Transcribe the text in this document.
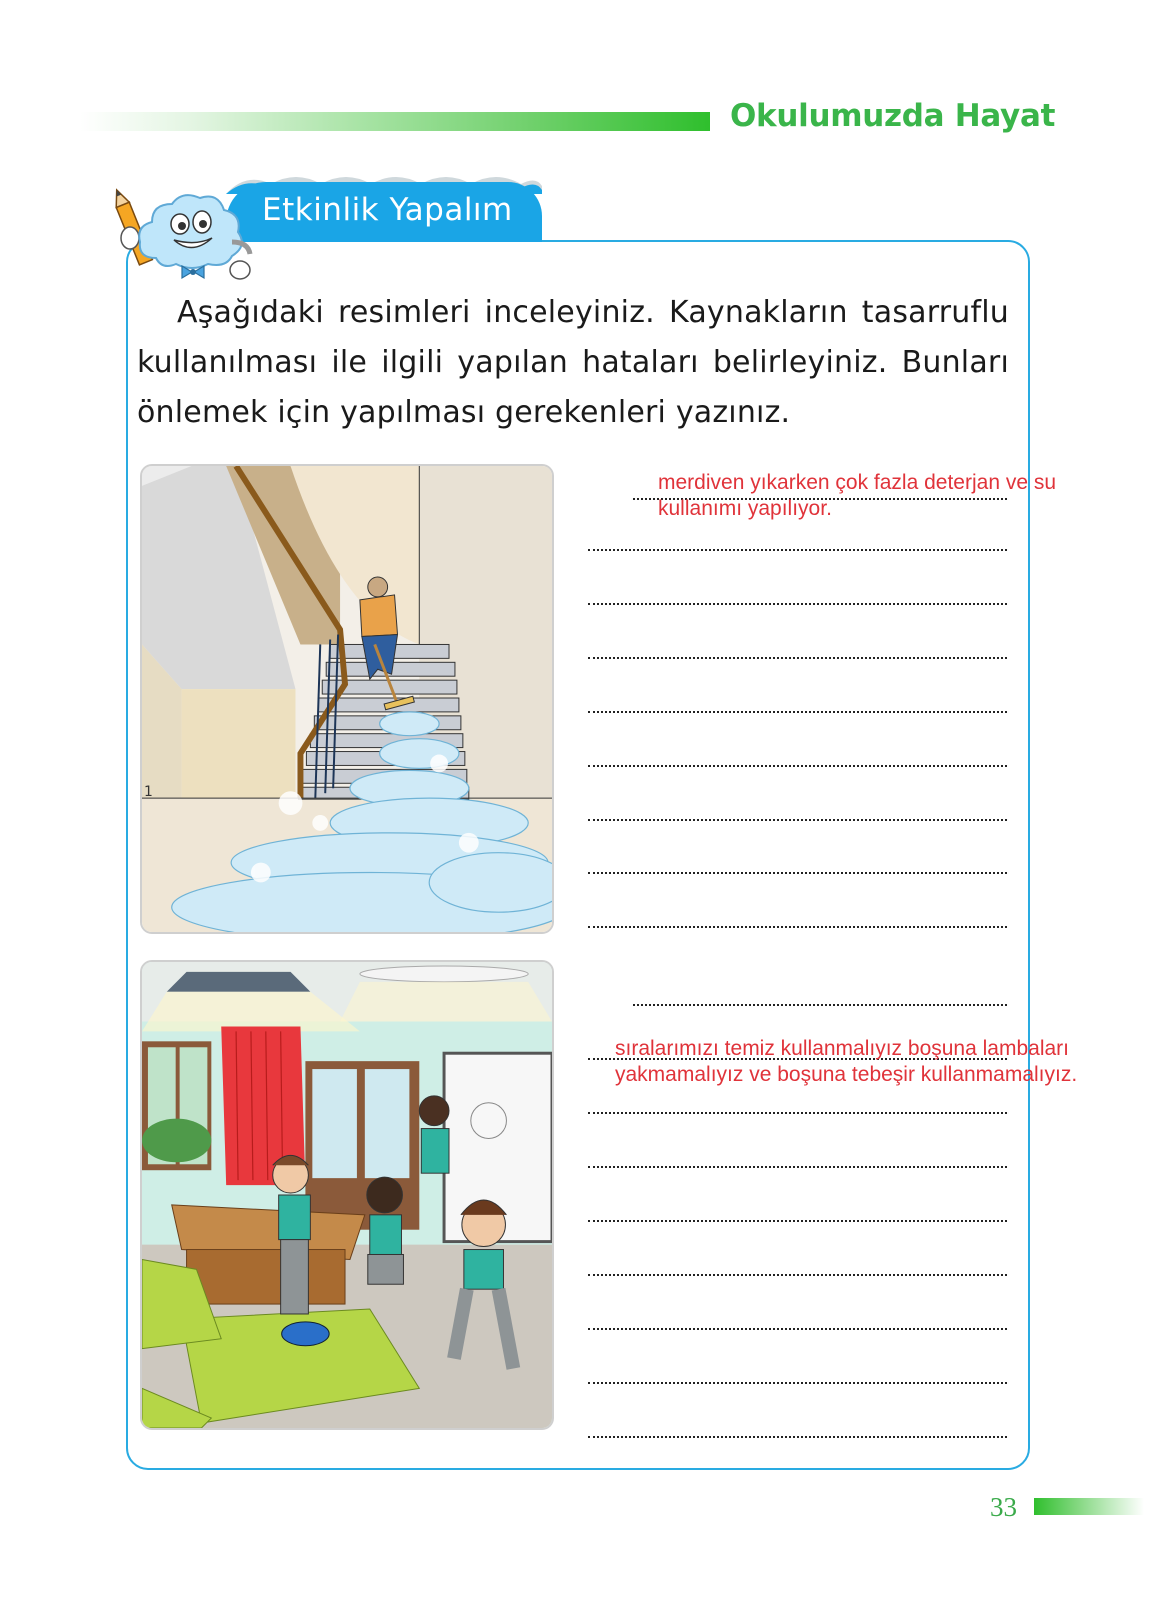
Okulumuzda Hayat
Etkinlik Yapalım

Aşağıdaki resimleri inceleyiniz. Kaynakların tasarruflu kullanılması ile ilgili yapılan hataları belirleyiniz. Bunları önlemek için yapılması gerekenleri yazınız.

1
merdiven yıkarken çok fazla deterjan ve su
kullanımı yapılıyor.
sıralarımızı temiz kullanmalıyız boşuna lambaları
yakmamalıyız ve boşuna tebeşir kullanmamalıyız.
33
